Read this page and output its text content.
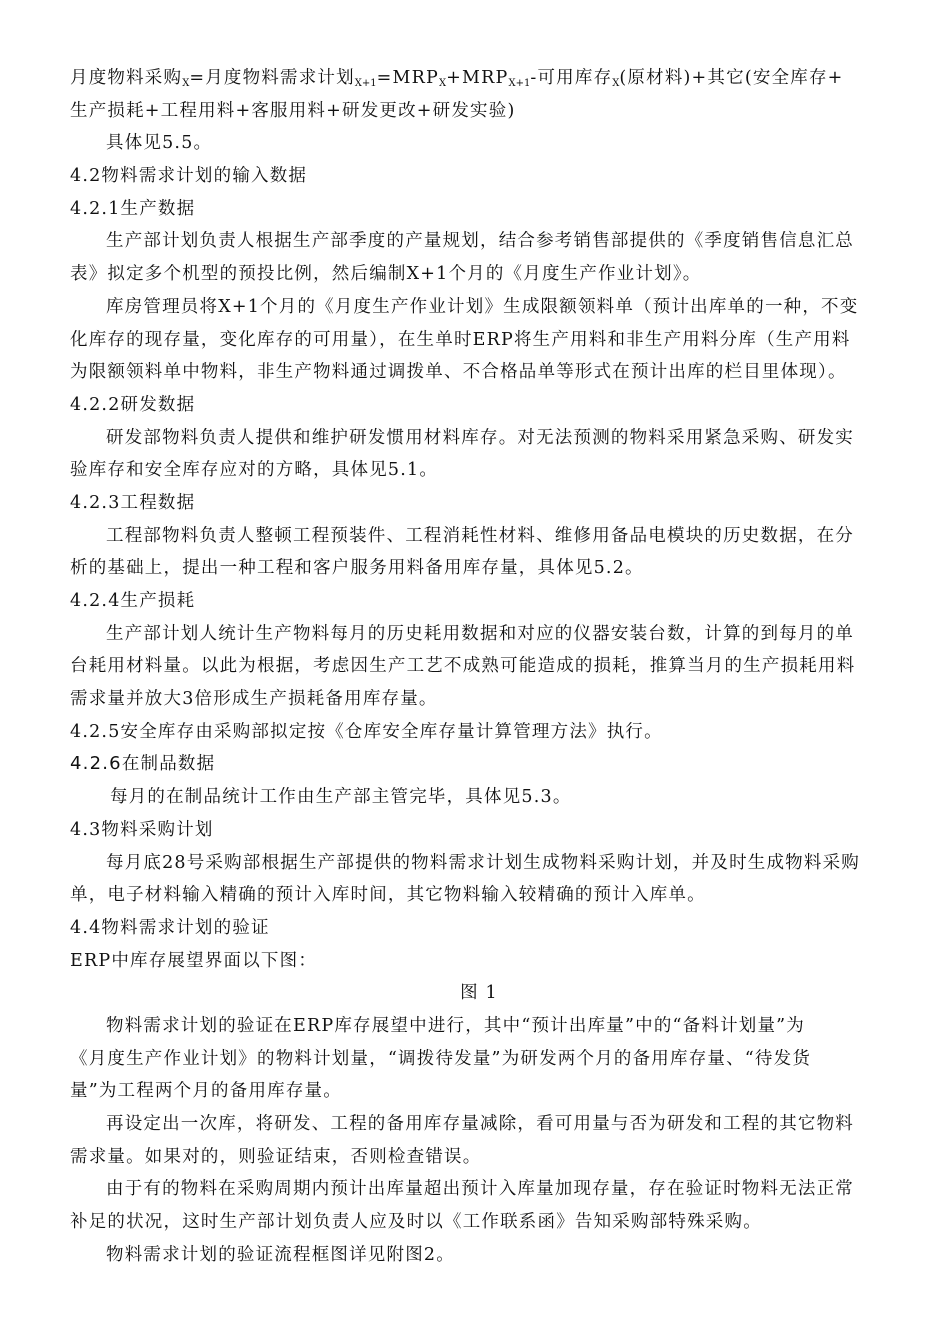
月度物料采购$_X$=月度物料需求计划$_{X+1}=MRP_X+MRP_{X+1}-$可用库存$_X$(原材料)+其它(安全库存+
生产损耗+工程用料+客服用料+研发更改+研发实验)
具体见5.5。
4.2物料需求计划的输入数据
4.2.1生产数据
生产部计划负责人根据生产部季度的产量规划，结合参考销售部提供的《季度销售信息汇总
表》拟定多个机型的预投比例，然后编制X+1个月的《月度生产作业计划》。
库房管理员将X+1个月的《月度生产作业计划》生成限额领料单（预计出库单的一种，不变
化库存的现存量，变化库存的可用量），在生单时ERP将生产用料和非生产用料分库（生产用料
为限额领料单中物料，非生产物料通过调拨单、不合格品单等形式在预计出库的栏目里体现）。
4.2.2研发数据
研发部物料负责人提供和维护研发惯用材料库存。对无法预测的物料采用紧急采购、研发实
验库存和安全库存应对的方略，具体见5.1。
4.2.3工程数据
工程部物料负责人整顿工程预装件、工程消耗性材料、维修用备品电模块的历史数据，在分
析的基础上，提出一种工程和客户服务用料备用库存量，具体见5.2。
4.2.4生产损耗
生产部计划人统计生产物料每月的历史耗用数据和对应的仪器安装台数，计算的到每月的单
台耗用材料量。以此为根据，考虑因生产工艺不成熟可能造成的损耗，推算当月的生产损耗用料
需求量并放大3倍形成生产损耗备用库存量。
4.2.5安全库存由采购部拟定按《仓库安全库存量计算管理方法》执行。
4.2.6在制品数据
每月的在制品统计工作由生产部主管完毕，具体见5.3。
4.3物料采购计划
每月底28号采购部根据生产部提供的物料需求计划生成物料采购计划，并及时生成物料采购
单，电子材料输入精确的预计入库时间，其它物料输入较精确的预计入库单。
4.4物料需求计划的验证
ERP中库存展望界面以下图：
图 1
物料需求计划的验证在ERP库存展望中进行，其中“预计出库量”中的“备料计划量”为
《月度生产作业计划》的物料计划量，“调拨待发量”为研发两个月的备用库存量、“待发货
量”为工程两个月的备用库存量。
再设定出一次库，将研发、工程的备用库存量减除，看可用量与否为研发和工程的其它物料
需求量。如果对的，则验证结束，否则检查错误。
由于有的物料在采购周期内预计出库量超出预计入库量加现存量，存在验证时物料无法正常
补足的状况，这时生产部计划负责人应及时以《工作联系函》告知采购部特殊采购。
物料需求计划的验证流程框图详见附图2。
